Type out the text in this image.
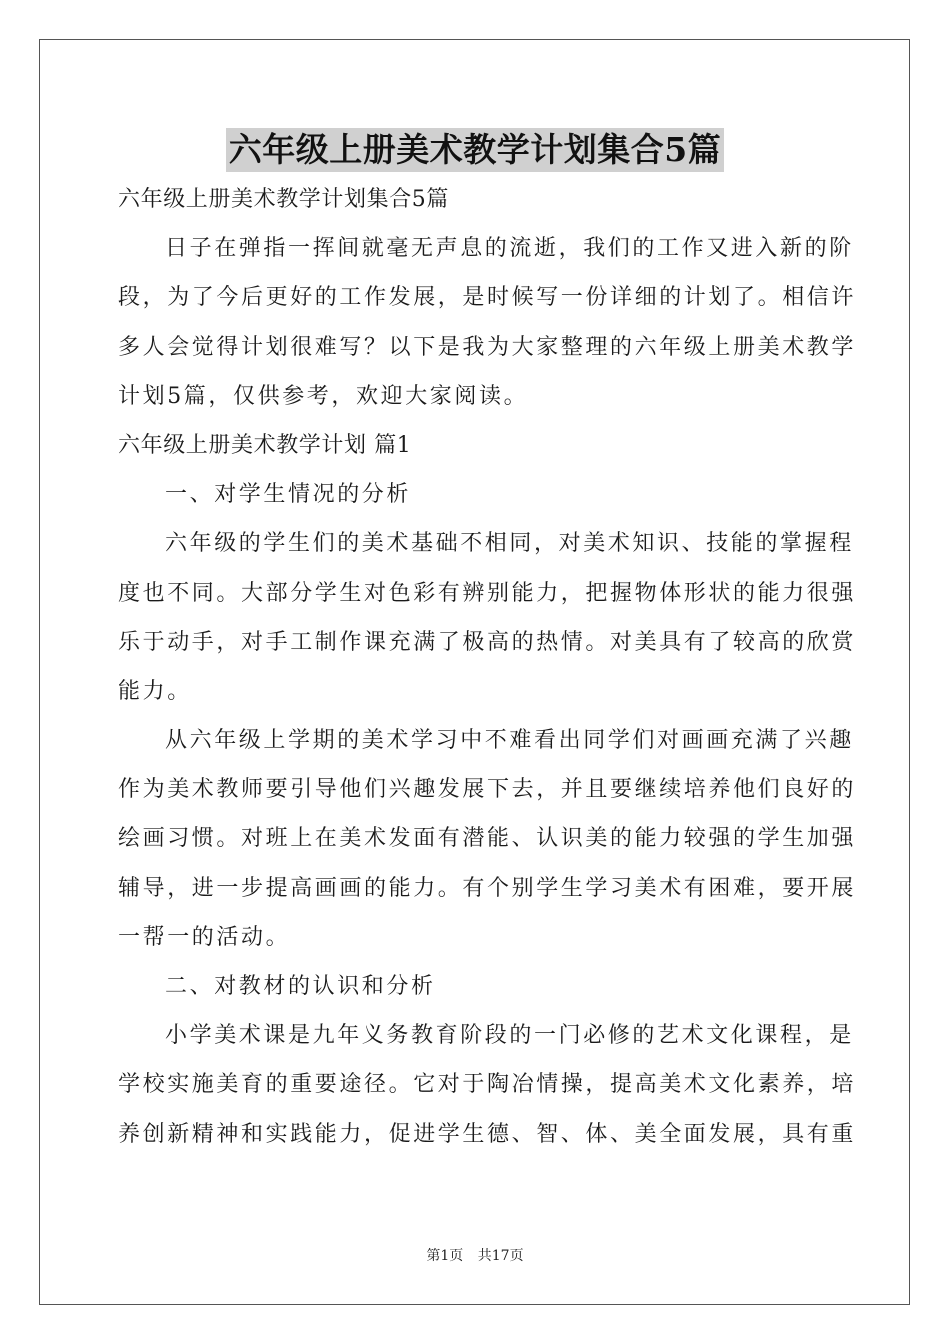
六年级上册美术教学计划集合5篇
六年级上册美术教学计划集合5篇
日子在弹指一挥间就毫无声息的流逝，我们的工作又进入新的阶
段，为了今后更好的工作发展，是时候写一份详细的计划了。相信许
多人会觉得计划很难写？以下是我为大家整理的六年级上册美术教学
计划5篇，仅供参考，欢迎大家阅读。
六年级上册美术教学计划 篇1
一、对学生情况的分析
六年级的学生们的美术基础不相同，对美术知识、技能的掌握程
度也不同。大部分学生对色彩有辨别能力，把握物体形状的能力很强
乐于动手，对手工制作课充满了极高的热情。对美具有了较高的欣赏
能力。
从六年级上学期的美术学习中不难看出同学们对画画充满了兴趣
作为美术教师要引导他们兴趣发展下去，并且要继续培养他们良好的
绘画习惯。对班上在美术发面有潜能、认识美的能力较强的学生加强
辅导，进一步提高画画的能力。有个别学生学习美术有困难，要开展
一帮一的活动。
二、对教材的认识和分析
小学美术课是九年义务教育阶段的一门必修的艺术文化课程，是
学校实施美育的重要途径。它对于陶冶情操，提高美术文化素养，培
养创新精神和实践能力，促进学生德、智、体、美全面发展，具有重
第1页 共17页
